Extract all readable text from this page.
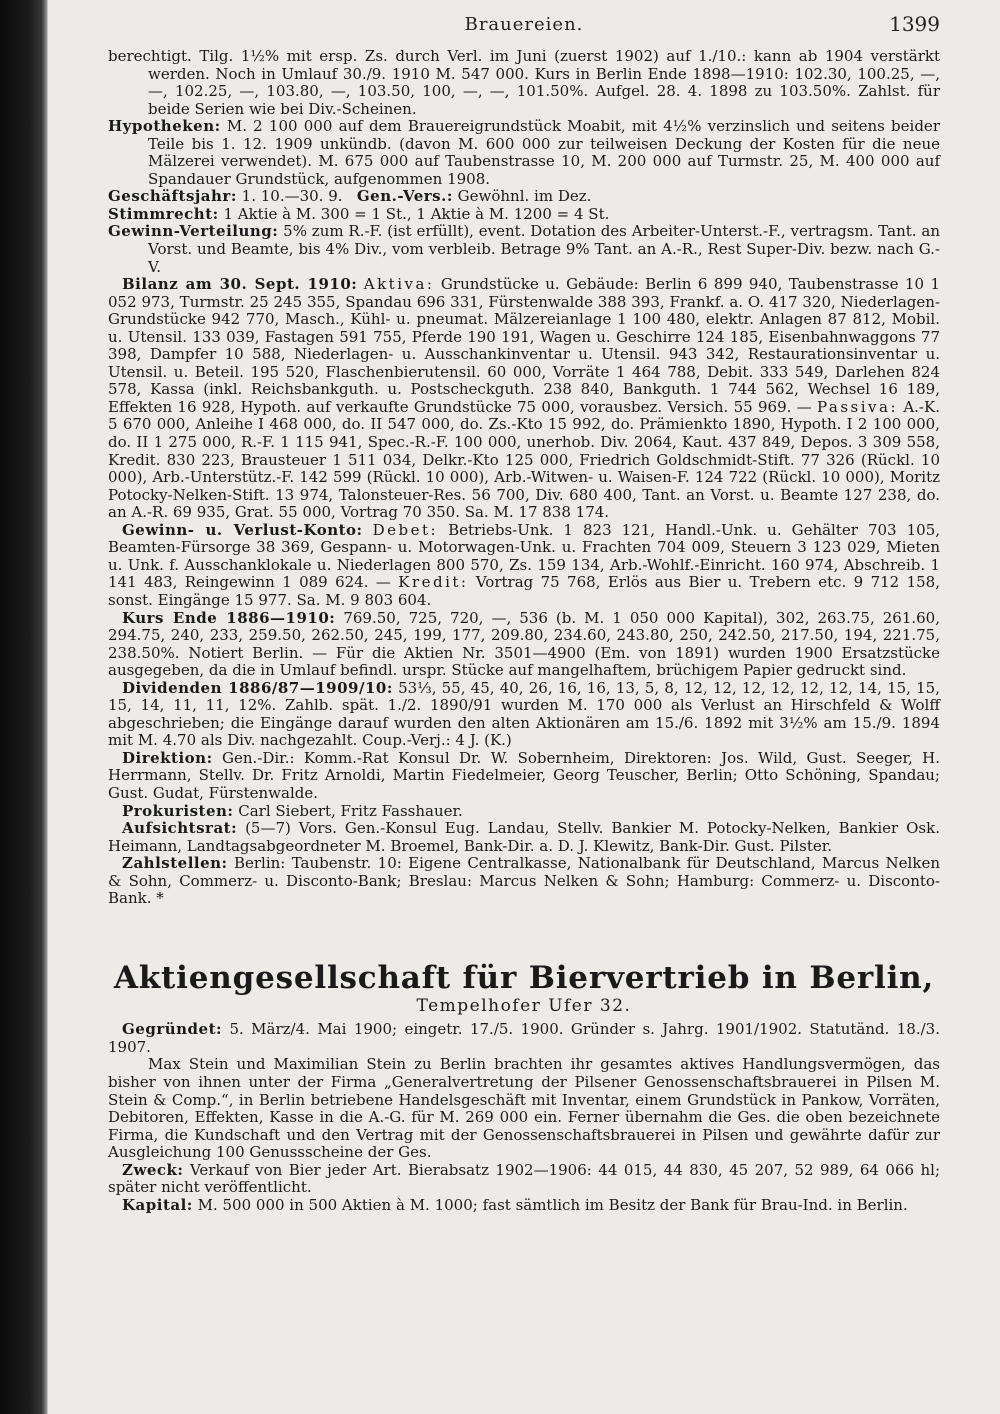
Brauereien.	1399

berechtigt. Tilg. 1½% mit ersp. Zs. durch Verl. im Juni (zuerst 1902) auf 1./10.: kann ab 1904 verstärkt werden. Noch in Umlauf 30./9. 1910 M. 547 000. Kurs in Berlin Ende 1898—1910: 102.30, 100.25, —, —, 102.25, —, 103.80, —, 103.50, 100, —, —, 101.50%. Aufgel. 28. 4. 1898 zu 103.50%. Zahlst. für beide Serien wie bei Div.-Scheinen.

Hypotheken: M. 2 100 000 auf dem Brauereigrundstück Moabit, mit 4½% verzinslich und seitens beider Teile bis 1. 12. 1909 unkündb. (davon M. 600 000 zur teilweisen Deckung der Kosten für die neue Mälzerei verwendet). M. 675 000 auf Taubenstrasse 10, M. 200 000 auf Turmstr. 25, M. 400 000 auf Spandauer Grundstück, aufgenommen 1908.

Geschäftsjahr: 1. 10.—30. 9. Gen.-Vers.: Gewöhnl. im Dez.

Stimmrecht: 1 Aktie à M. 300 = 1 St., 1 Aktie à M. 1200 = 4 St.

Gewinn-Verteilung: 5% zum R.-F. (ist erfüllt), event. Dotation des Arbeiter-Unterst.-F., vertragsm. Tant. an Vorst. und Beamte, bis 4% Div., vom verbleib. Betrage 9% Tant. an A.-R., Rest Super-Div. bezw. nach G.-V.

Bilanz am 30. Sept. 1910: Aktiva: Grundstücke u. Gebäude: Berlin 6 899 940, Taubenstrasse 10 1 052 973, Turmstr. 25 245 355, Spandau 696 331, Fürstenwalde 388 393, Frankf. a. O. 417 320, Niederlagen-Grundstücke 942 770, Masch., Kühl- u. pneumat. Mälzereianlage 1 100 480, elektr. Anlagen 87 812, Mobil. u. Utensil. 133 039, Fastagen 591 755, Pferde 190 191, Wagen u. Geschirre 124 185, Eisenbahnwaggons 77 398, Dampfer 10 588, Niederlagen- u. Ausschankinventar u. Utensil. 943 342, Restaurationsinventar u. Utensil. u. Beteil. 195 520, Flaschenbierutensil. 60 000, Vorräte 1 464 788, Debit. 333 549, Darlehen 824 578, Kassa (inkl. Reichsbankguth. u. Postscheckguth. 238 840, Bankguth. 1 744 562, Wechsel 16 189, Effekten 16 928, Hypoth. auf verkaufte Grundstücke 75 000, vorausbez. Versich. 55 969. — Passiva: A.-K. 5 670 000, Anleihe I 468 000, do. II 547 000, do. Zs.-Kto 15 992, do. Prämienkto 1890, Hypoth. I 2 100 000, do. II 1 275 000, R.-F. 1 115 941, Spec.-R.-F. 100 000, unerhob. Div. 2064, Kaut. 437 849, Depos. 3 309 558, Kredit. 830 223, Brausteuer 1 511 034, Delkr.-Kto 125 000, Friedrich Goldschmidt-Stift. 77 326 (Rückl. 10 000), Arb.-Unterstütz.-F. 142 599 (Rückl. 10 000), Arb.-Witwen- u. Waisen-F. 124 722 (Rückl. 10 000), Moritz Potocky-Nelken-Stift. 13 974, Talonsteuer-Res. 56 700, Div. 680 400, Tant. an Vorst. u. Beamte 127 238, do. an A.-R. 69 935, Grat. 55 000, Vortrag 70 350. Sa. M. 17 838 174.

Gewinn- u. Verlust-Konto: Debet: Betriebs-Unk. 1 823 121, Handl.-Unk. u. Gehälter 703 105, Beamten-Fürsorge 38 369, Gespann- u. Motorwagen-Unk. u. Frachten 704 009, Steuern 3 123 029, Mieten u. Unk. f. Ausschanklokale u. Niederlagen 800 570, Zs. 159 134, Arb.-Wohlf.-Einricht. 160 974, Abschreib. 1 141 483, Reingewinn 1 089 624. — Kredit: Vortrag 75 768, Erlös aus Bier u. Trebern etc. 9 712 158, sonst. Eingänge 15 977. Sa. M. 9 803 604.

Kurs Ende 1886—1910: 769.50, 725, 720, —, 536 (b. M. 1 050 000 Kapital), 302, 263.75, 261.60, 294.75, 240, 233, 259.50, 262.50, 245, 199, 177, 209.80, 234.60, 243.80, 250, 242.50, 217.50, 194, 221.75, 238.50%. Notiert Berlin. — Für die Aktien Nr. 3501—4900 (Em. von 1891) wurden 1900 Ersatzstücke ausgegeben, da die in Umlauf befindl. urspr. Stücke auf mangelhaftem, brüchigem Papier gedruckt sind.

Dividenden 1886/87—1909/10: 53⅓, 55, 45, 40, 26, 16, 16, 13, 5, 8, 12, 12, 12, 12, 12, 12, 14, 15, 15, 15, 14, 11, 11, 12%. Zahlb. spät. 1./2. 1890/91 wurden M. 170 000 als Verlust an Hirschfeld & Wolff abgeschrieben; die Eingänge darauf wurden den alten Aktionären am 15./6. 1892 mit 3½% am 15./9. 1894 mit M. 4.70 als Div. nachgezahlt. Coup.-Verj.: 4 J. (K.)

Direktion: Gen.-Dir.: Komm.-Rat Konsul Dr. W. Sobernheim, Direktoren: Jos. Wild, Gust. Seeger, H. Herrmann, Stellv. Dr. Fritz Arnoldi, Martin Fiedelmeier, Georg Teuscher, Berlin; Otto Schöning, Spandau; Gust. Gudat, Fürstenwalde.

Prokuristen: Carl Siebert, Fritz Fasshauer.

Aufsichtsrat: (5—7) Vors. Gen.-Konsul Eug. Landau, Stellv. Bankier M. Potocky-Nelken, Bankier Osk. Heimann, Landtagsabgeordneter M. Broemel, Bank-Dir. a. D. J. Klewitz, Bank-Dir. Gust. Pilster.

Zahlstellen: Berlin: Taubenstr. 10: Eigene Centralkasse, Nationalbank für Deutschland, Marcus Nelken & Sohn, Commerz- u. Disconto-Bank; Breslau: Marcus Nelken & Sohn; Hamburg: Commerz- u. Disconto-Bank. *

Aktiengesellschaft für Biervertrieb in Berlin,
Tempelhofer Ufer 32.

Gegründet: 5. März/4. Mai 1900; eingetr. 17./5. 1900. Gründer s. Jahrg. 1901/1902. Statutänd. 18./3. 1907.

Max Stein und Maximilian Stein zu Berlin brachten ihr gesamtes aktives Handlungsvermögen, das bisher von ihnen unter der Firma „Generalvertretung der Pilsener Genossenschaftsbrauerei in Pilsen M. Stein & Comp.“, in Berlin betriebene Handelsgeschäft mit Inventar, einem Grundstück in Pankow, Vorräten, Debitoren, Effekten, Kasse in die A.-G. für M. 269 000 ein. Ferner übernahm die Ges. die oben bezeichnete Firma, die Kundschaft und den Vertrag mit der Genossenschaftsbrauerei in Pilsen und gewährte dafür zur Ausgleichung 100 Genussscheine der Ges.

Zweck: Verkauf von Bier jeder Art. Bierabsatz 1902—1906: 44 015, 44 830, 45 207, 52 989, 64 066 hl; später nicht veröffentlicht.

Kapital: M. 500 000 in 500 Aktien à M. 1000; fast sämtlich im Besitz der Bank für Brau-Ind. in Berlin.
